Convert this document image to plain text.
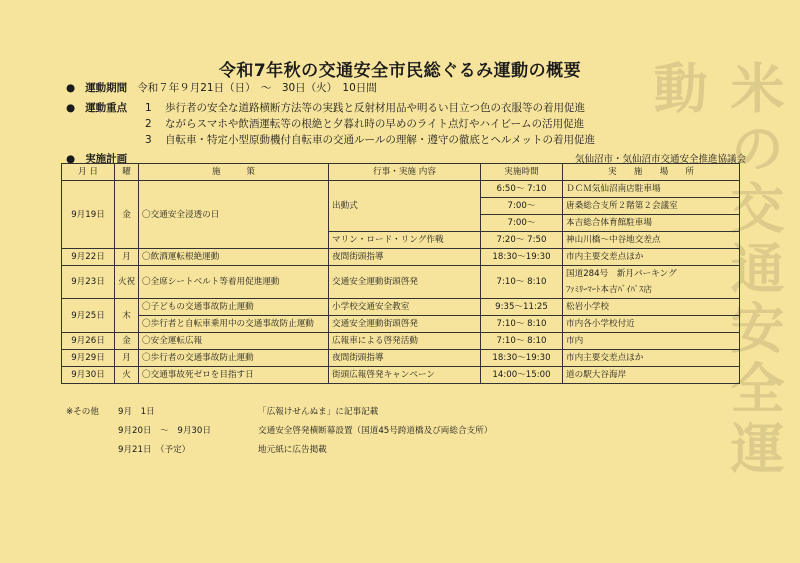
米の交通安全運動
令和7年秋の交通安全市民総ぐるみ運動の概要
● 運動期間 令和７年９月21日（日）　～　30日（火）　10日間
● 運動重点 1 歩行者の安全な道路横断方法等の実践と反射材用品や明るい目立つ色の衣服等の着用促進
2 ながらスマホや飲酒運転等の根絶と夕暮れ時の早めのライト点灯やハイビームの活用促進
3 自転車・特定小型原動機付自転車の交通ルールの理解・遵守の徹底とヘルメットの着用促進
● 実施計画	気仙沼市・気仙沼市交通安全推進協議会
月 日	曜	施　　　策	行事・実施 内容	実施時間	実　　施　　場　　所
9月19日	金	〇交通安全浸透の日	出動式	6:50～ 7:10	ＤＣＭ気仙沼南店駐車場
				7:00～	唐桑総合支所２階第２会議室
				7:00～	本吉総合体育館駐車場
			マリン・ロード・リング作戦	7:20～ 7:50	神山川橋～中谷地交差点
9月22日	月	〇飲酒運転根絶運動	夜間街頭指導	18:30～19:30	市内主要交差点ほか
9月23日	火祝	〇全席シートベルト等着用促進運動	交通安全運動街頭啓発	7:10～ 8:10	国道284号　新月パーキング
					ﾌｧﾐﾘｰﾏｰﾄ本吉ﾊﾞｲﾊﾟｽ店
9月25日	木	〇子どもの交通事故防止運動	小学校交通安全教室	9:35～11:25	松岩小学校
		〇歩行者と自転車乗用中の交通事故防止運動	交通安全運動街頭啓発	7:10～ 8:10	市内各小学校付近
9月26日	金	〇安全運転広報	広報車による啓発活動	7:10～ 8:10	市内
9月29日	月	〇歩行者の交通事故防止運動	夜間街頭指導	18:30～19:30	市内主要交差点ほか
9月30日	火	〇交通事故死ゼロを目指す日	街頭広報啓発キャンペーン	14:00～15:00	道の駅大谷海岸
※その他 9月　1日	「広報けせんぬま」に記事記載
9月20日　～　9月30日	交通安全啓発横断幕設置（国道45号跨道橋及び両総合支所）
9月21日　（予定）	地元紙に広告掲載
